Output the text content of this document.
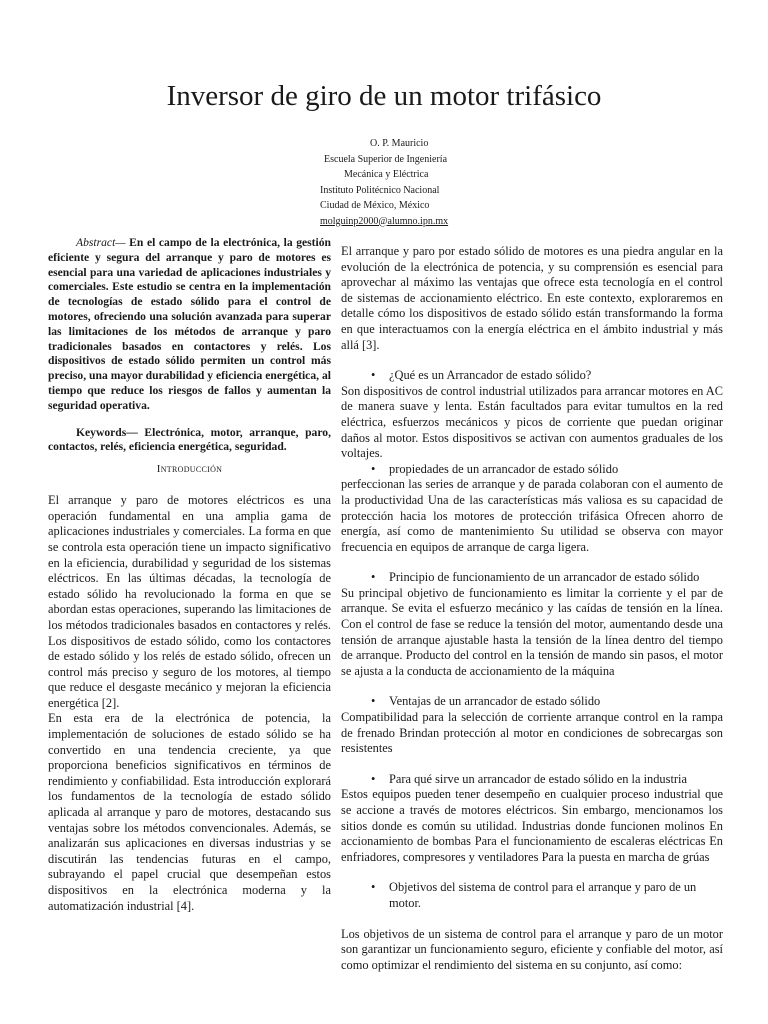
Inversor de giro de un motor trifásico
O. P. Mauricio
Escuela Superior de Ingeniería
Mecánica y Eléctrica
Instituto Politécnico Nacional
Ciudad de México, México
molguinp2000@alumno.ipn.mx

Abstract— En el campo de la electrónica, la gestión eficiente y segura del arranque y paro de motores es esencial para una variedad de aplicaciones industriales y comerciales. Este estudio se centra en la implementación de tecnologías de estado sólido para el control de motores, ofreciendo una solución avanzada para superar las limitaciones de los métodos de arranque y paro tradicionales basados en contactores y relés. Los dispositivos de estado sólido permiten un control más preciso, una mayor durabilidad y eficiencia energética, al tiempo que reduce los riesgos de fallos y aumentan la seguridad operativa.

Keywords— Electrónica, motor, arranque, paro, contactos, relés, eficiencia energética, seguridad.

Introducción

El arranque y paro de motores eléctricos es una operación fundamental en una amplia gama de aplicaciones industriales y comerciales. La forma en que se controla esta operación tiene un impacto significativo en la eficiencia, durabilidad y seguridad de los sistemas eléctricos. En las últimas décadas, la tecnología de estado sólido ha revolucionado la forma en que se abordan estas operaciones, superando las limitaciones de los métodos tradicionales basados en contactores y relés. Los dispositivos de estado sólido, como los contactores de estado sólido y los relés de estado sólido, ofrecen un control más preciso y seguro de los motores, al tiempo que reduce el desgaste mecánico y mejoran la eficiencia energética [2].

En esta era de la electrónica de potencia, la implementación de soluciones de estado sólido se ha convertido en una tendencia creciente, ya que proporciona beneficios significativos en términos de rendimiento y confiabilidad. Esta introducción explorará los fundamentos de la tecnología de estado sólido aplicada al arranque y paro de motores, destacando sus ventajas sobre los métodos convencionales. Además, se analizarán sus aplicaciones en diversas industrias y se discutirán las tendencias futuras en el campo, subrayando el papel crucial que desempeñan estos dispositivos en la electrónica moderna y la automatización industrial [4].

El arranque y paro por estado sólido de motores es una piedra angular en la evolución de la electrónica de potencia, y su comprensión es esencial para aprovechar al máximo las ventajas que ofrece esta tecnología en el control de sistemas de accionamiento eléctrico. En este contexto, exploraremos en detalle cómo los dispositivos de estado sólido están transformando la forma en que interactuamos con la energía eléctrica en el ámbito industrial y más allá [3].

• ¿Qué es un Arrancador de estado sólido?

Son dispositivos de control industrial utilizados para arrancar motores en AC de manera suave y lenta. Están facultados para evitar tumultos en la red eléctrica, esfuerzos mecánicos y picos de corriente que puedan originar daños al motor. Estos dispositivos se activan con aumentos graduales de los voltajes.

• propiedades de un arrancador de estado sólido

perfeccionan las series de arranque y de parada colaboran con el aumento de la productividad Una de las características más valiosa es su capacidad de protección hacia los motores de protección trifásica Ofrecen ahorro de energía, así como de mantenimiento Su utilidad se observa con mayor frecuencia en equipos de arranque de carga ligera.

• Principio de funcionamiento de un arrancador de estado sólido

Su principal objetivo de funcionamiento es limitar la corriente y el par de arranque. Se evita el esfuerzo mecánico y las caídas de tensión en la línea. Con el control de fase se reduce la tensión del motor, aumentando desde una tensión de arranque ajustable hasta la tensión de la línea dentro del tiempo de arranque. Producto del control en la tensión de mando sin pasos, el motor se ajusta a la conducta de accionamiento de la máquina

• Ventajas de un arrancador de estado sólido

Compatibilidad para la selección de corriente arranque control en la rampa de frenado Brindan protección al motor en condiciones de sobrecargas son resistentes

• Para qué sirve un arrancador de estado sólido en la industria

Estos equipos pueden tener desempeño en cualquier proceso industrial que se accione a través de motores eléctricos. Sin embargo, mencionamos los sitios donde es común su utilidad. Industrias donde funcionen molinos En accionamiento de bombas Para el funcionamiento de escaleras eléctricas En enfriadores, compresores y ventiladores Para la puesta en marcha de grúas

• Objetivos del sistema de control para el arranque y paro de un motor.

Los objetivos de un sistema de control para el arranque y paro de un motor son garantizar un funcionamiento seguro, eficiente y confiable del motor, así como optimizar el rendimiento del sistema en su conjunto, así como:
